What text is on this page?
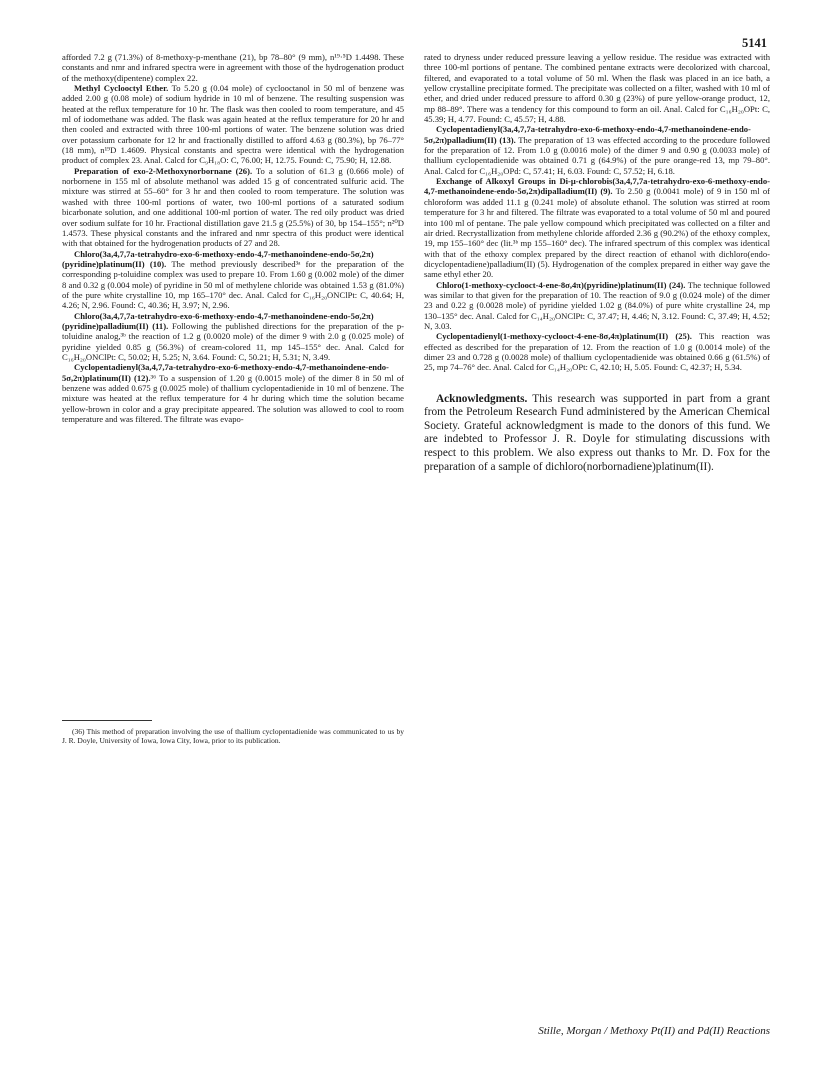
5141

afforded 7.2 g (71.3%) of 8-methoxy-p-menthane (21), bp 78–80° (9 mm), n¹⁹·⁵D 1.4498. These constants and nmr and infrared spectra were in agreement with those of the hydrogenation product of the methoxy(dipentene) complex 22.

Methyl Cyclooctyl Ether. To 5.20 g (0.04 mole) of cyclooctanol in 50 ml of benzene was added 2.00 g (0.08 mole) of sodium hydride in 10 ml of benzene. The resulting suspension was heated at the reflux temperature for 10 hr. The flask was then cooled to room temperature, and 45 ml of iodomethane was added. The flask was again heated at the reflux temperature for 20 hr and then cooled and extracted with three 100-ml portions of water. The benzene solution was dried over potassium carbonate for 12 hr and fractionally distilled to afford 4.63 g (80.3%), bp 76–77° (18 mm), n¹⁹D 1.4609. Physical constants and spectra were identical with the hydrogenation product of complex 23. Anal. Calcd for C₉H₁₈O: C, 76.00; H, 12.75. Found: C, 75.90; H, 12.88.

Preparation of exo-2-Methoxynorbornane (26). To a solution of 61.3 g (0.666 mole) of norbornene in 155 ml of absolute methanol was added 15 g of concentrated sulfuric acid. The mixture was stirred at 55–60° for 3 hr and then cooled to room temperature. The solution was washed with three 100-ml portions of water, two 100-ml portions of a saturated sodium bicarbonate solution, and one additional 100-ml portion of water. The red oily product was dried over sodium sulfate for 10 hr. Fractional distillation gave 21.5 g (25.5%) of 30, bp 154–155°; n²⁰D 1.4573. These physical constants and the infrared and nmr spectra of this product were identical with that obtained for the hydrogenation products of 27 and 28.

Chloro(3a,4,7,7a-tetrahydro-exo-6-methoxy-endo-4,7-methanoindene-endo-5σ,2π)(pyridine)platinum(II) (10). The method previously described³ᵃ for the preparation of the corresponding p-toluidine complex was used to prepare 10. From 1.60 g (0.002 mole) of the dimer 8 and 0.32 g (0.004 mole) of pyridine in 50 ml of methylene chloride was obtained 1.53 g (81.0%) of the pure white crystalline 10, mp 165–170° dec. Anal. Calcd for C₁₆H₂₀ONClPt: C, 40.64; H, 4.26; N, 2.96. Found: C, 40.36; H, 3.97; N, 2.96.

Chloro(3a,4,7,7a-tetrahydro-exo-6-methoxy-endo-4,7-methanoindene-endo-5σ,2π)(pyridine)palladium(II) (11). Following the published directions for the preparation of the p-toluidine analog,³ᵇ the reaction of 1.2 g (0.0020 mole) of the dimer 9 with 2.0 g (0.025 mole) of pyridine yielded 0.85 g (56.3%) of cream-colored 11, mp 145–155° dec. Anal. Calcd for C₁₆H₂₀ONClPt: C, 50.02; H, 5.25; N, 3.64. Found: C, 50.21; H, 5.31; N, 3.49.

Cyclopentadienyl(3a,4,7,7a-tetrahydro-exo-6-methoxy-endo-4,7-methanoindene-endo-5σ,2π)platinum(II) (12).³⁶ To a suspension of 1.20 g (0.0015 mole) of the dimer 8 in 50 ml of benzene was added 0.675 g (0.0025 mole) of thallium cyclopentadienide in 10 ml of benzene. The mixture was heated at the reflux temperature for 4 hr during which time the solution became yellow-brown in color and a gray precipitate appeared. The solution was allowed to cool to room temperature and was filtered. The filtrate was evapo-

(36) This method of preparation involving the use of thallium cyclopentadienide was communicated to us by J. R. Doyle, University of Iowa, Iowa City, Iowa, prior to its publication.

rated to dryness under reduced pressure leaving a yellow residue. The residue was extracted with three 100-ml portions of pentane. The combined pentane extracts were decolorized with charcoal, filtered, and evaporated to a total volume of 50 ml. When the flask was placed in an ice bath, a yellow crystalline precipitate formed. The precipitate was collected on a filter, washed with 10 ml of ether, and dried under reduced pressure to afford 0.30 g (23%) of pure yellow-orange product, 12, mp 88–89°. There was a tendency for this compound to form an oil. Anal. Calcd for C₁₆H₂₀OPt: C, 45.39; H, 4.77. Found: C, 45.57; H, 4.88.

Cyclopentadienyl(3a,4,7,7a-tetrahydro-exo-6-methoxy-endo-4,7-methanoindene-endo-5σ,2π)palladium(II) (13). The preparation of 13 was effected according to the procedure followed for the preparation of 12. From 1.0 g (0.0016 mole) of the dimer 9 and 0.90 g (0.0033 mole) of thallium cyclopentadienide was obtained 0.71 g (64.9%) of the pure orange-red 13, mp 79–80°. Anal. Calcd for C₁₆H₂₀OPd: C, 57.41; H, 6.03. Found: C, 57.52; H, 6.18.

Exchange of Alkoxyl Groups in Di-μ-chlorobis(3a,4,7,7a-tetrahydro-exo-6-methoxy-endo-4,7-methanoindene-endo-5σ,2π)dipalladium(II) (9). To 2.50 g (0.0041 mole) of 9 in 150 ml of chloroform was added 11.1 g (0.241 mole) of absolute ethanol. The solution was stirred at room temperature for 3 hr and filtered. The filtrate was evaporated to a total volume of 50 ml and poured into 100 ml of pentane. The pale yellow compound which precipitated was collected on a filter and air dried. Recrystallization from methylene chloride afforded 2.36 g (90.2%) of the ethoxy complex, 19, mp 155–160° dec (lit.³ᵇ mp 155–160° dec). The infrared spectrum of this complex was identical with that of the ethoxy complex prepared by the direct reaction of ethanol with dichloro(endo-dicyclopentadiene)palladium(II) (5). Hydrogenation of the complex prepared in either way gave the same ethyl ether 20.

Chloro(1-methoxy-cyclooct-4-ene-8σ,4π)(pyridine)platinum(II) (24). The technique followed was similar to that given for the preparation of 10. The reaction of 9.0 g (0.024 mole) of the dimer 23 and 0.22 g (0.0028 mole) of pyridine yielded 1.02 g (84.0%) of pure white crystalline 24, mp 130–135° dec. Anal. Calcd for C₁₄H₂₀ONClPt: C, 37.47; H, 4.46; N, 3.12. Found: C, 37.49; H, 4.52; N, 3.03.

Cyclopentadienyl(1-methoxy-cyclooct-4-ene-8σ,4π)platinum(II) (25). This reaction was effected as described for the preparation of 12. From the reaction of 1.0 g (0.0014 mole) of the dimer 23 and 0.728 g (0.0028 mole) of thallium cyclopentadienide was obtained 0.66 g (61.5%) of 25, mp 74–76° dec. Anal. Calcd for C₁₄H₂₀OPt: C, 42.10; H, 5.05. Found: C, 42.37; H, 5.34.

Acknowledgments. This research was supported in part from a grant from the Petroleum Research Fund administered by the American Chemical Society. Grateful acknowledgment is made to the donors of this fund. We are indebted to Professor J. R. Doyle for stimulating discussions with respect to this problem. We also express out thanks to Mr. D. Fox for the preparation of a sample of dichloro(norbornadiene)platinum(II).

Stille, Morgan / Methoxy Pt(II) and Pd(II) Reactions
